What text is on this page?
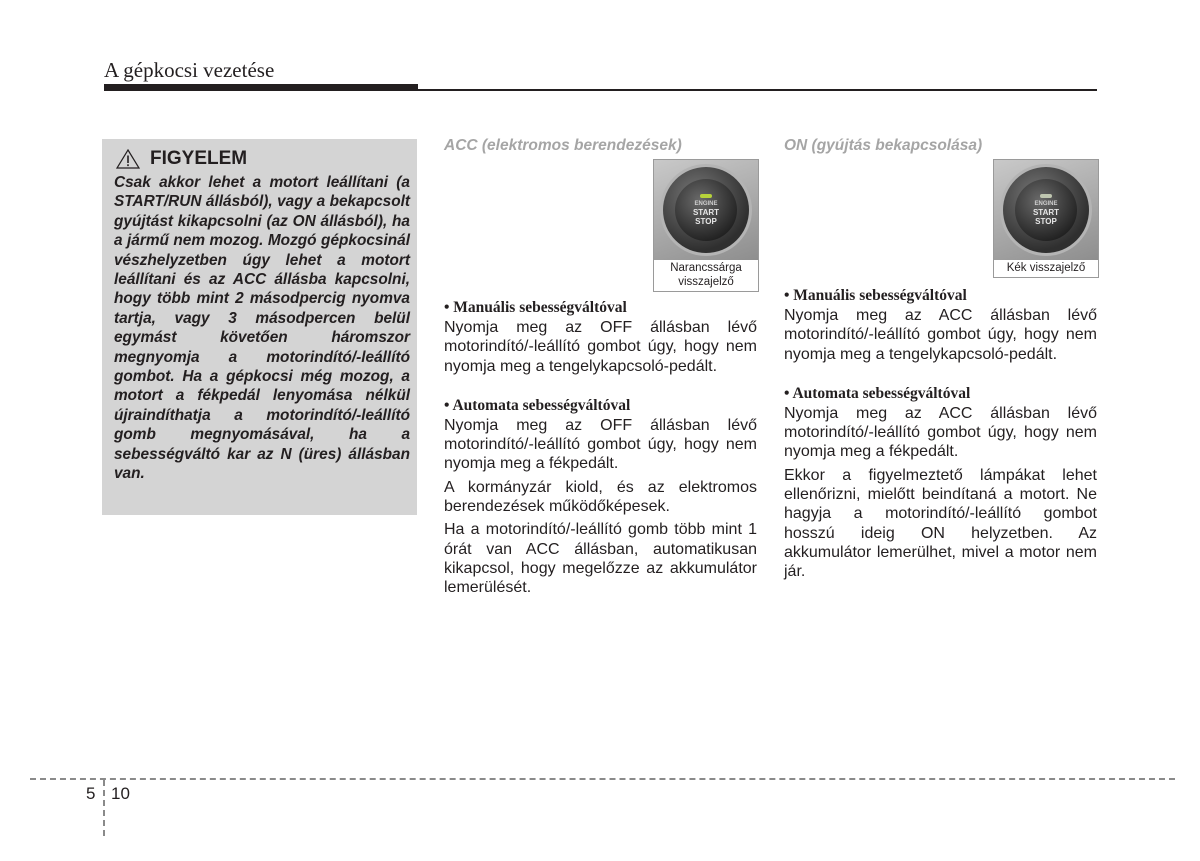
A gépkocsi vezetése
FIGYELEM

Csak akkor lehet a motort leállítani (a START/RUN állásból), vagy a bekapcsolt gyújtást kikapcsolni (az ON állásból), ha a jármű nem mozog. Mozgó gépkocsinál vészhelyzetben úgy lehet a motort leállítani és az ACC állásba kapcsolni, hogy több mint 2 másodpercig nyomva tartja, vagy 3 másodpercen belül egymást követően háromszor megnyomja a motorindító/-leállító gombot. Ha a gépkocsi még mozog, a motort a fékpedál lenyomása nélkül újraindíthatja a motorindító/-leállító gomb megnyomásával, ha a sebességváltó kar az N (üres) állásban van.

ACC (elektromos berendezések)
ENGINE
START
STOP
Narancssárga visszajelző

• Manuális sebességváltóval

Nyomja meg az OFF állásban lévő motorindító/-leállító gombot úgy, hogy nem nyomja meg a tengelykapcsoló-pedált.

• Automata sebességváltóval

Nyomja meg az OFF állásban lévő motorindító/-leállító gombot úgy, hogy nem nyomja meg a fékpedált.

A kormányzár kiold, és az elektromos berendezések működőképesek.

Ha a motorindító/-leállító gomb több mint 1 órát van ACC állásban, automatikusan kikapcsol, hogy megelőzze az akkumulátor lemerülését.

ON (gyújtás bekapcsolása)
ENGINE
START
STOP
Kék visszajelző

• Manuális sebességváltóval

Nyomja meg az ACC állásban lévő motorindító/-leállító gombot úgy, hogy nem nyomja meg a tengelykapcsoló-pedált.

• Automata sebességváltóval

Nyomja meg az ACC állásban lévő motorindító/-leállító gombot úgy, hogy nem nyomja meg a fékpedált.

Ekkor a figyelmeztető lámpákat lehet ellenőrizni, mielőtt beindítaná a motort. Ne hagyja a motorindító/-leállító gombot hosszú ideig ON helyzetben. Az akkumulátor lemerülhet, mivel a motor nem jár.

5 10
